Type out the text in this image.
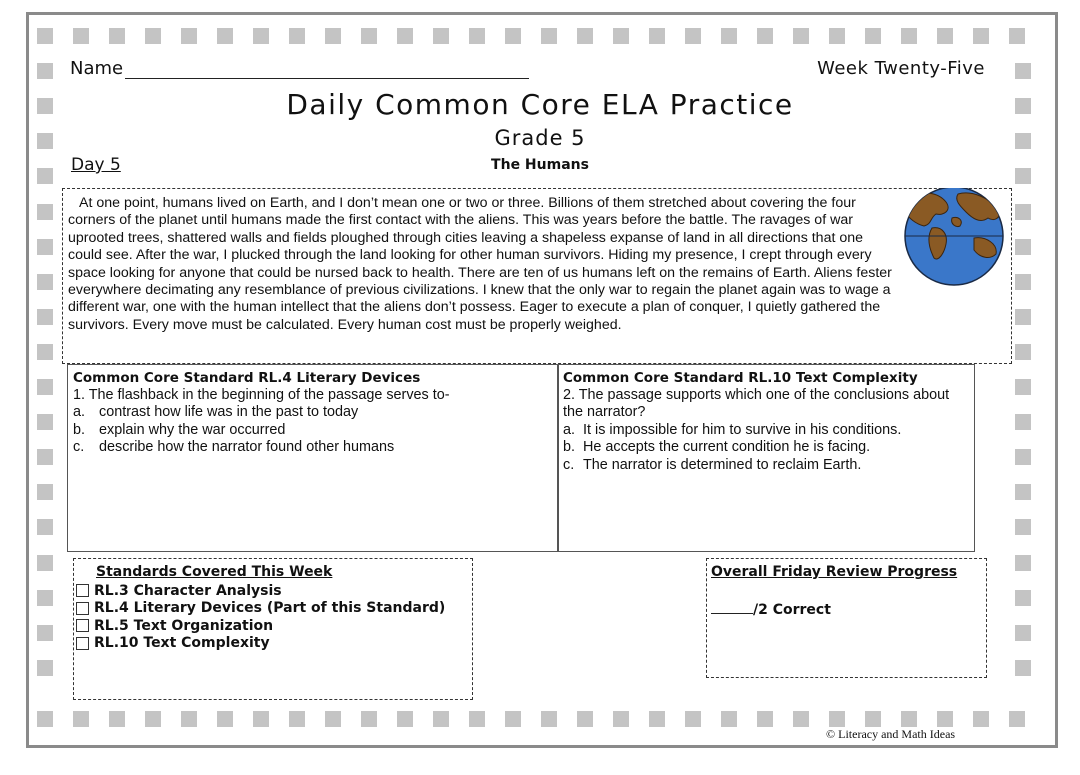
Name	Week Twenty-Five
Daily Common Core ELA Practice
Grade 5
Day 5	The Humans

At one point, humans lived on Earth, and I don’t mean one or two or three. Billions of them stretched about covering the four corners of the planet until humans made the first contact with the aliens. This was years before the battle. The ravages of war uprooted trees, shattered walls and fields ploughed through cities leaving a shapeless expanse of land in all directions that one could see. After the war, I plucked through the land looking for other human survivors. Hiding my presence, I crept through every space looking for anyone that could be nursed back to health. There are ten of us humans left on the remains of Earth. Aliens fester everywhere decimating any resemblance of previous civilizations. I knew that the only war to regain the planet again was to wage a different war, one with the human intellect that the aliens don’t possess. Eager to execute a plan of conquer, I quietly gathered the survivors. Every move must be calculated. Every human cost must be properly weighed.

Common Core Standard RL.4 Literary Devices
1. The flashback in the beginning of the passage serves to-
a. contrast how life was in the past to today
b. explain why the war occurred
c.	describe how the narrator found other humans
Common Core Standard RL.10 Text Complexity
2. The passage supports which one of the conclusions about the narrator?
a. It is impossible for him to survive in his conditions.
b. He accepts the current condition he is facing.
c. The narrator is determined to reclaim Earth.
Standards Covered This Week
RL.3 Character Analysis
RL.4 Literary Devices (Part of this Standard)
RL.5 Text Organization
RL.10 Text Complexity
Overall Friday Review Progress
/2 Correct
© Literacy and Math Ideas
